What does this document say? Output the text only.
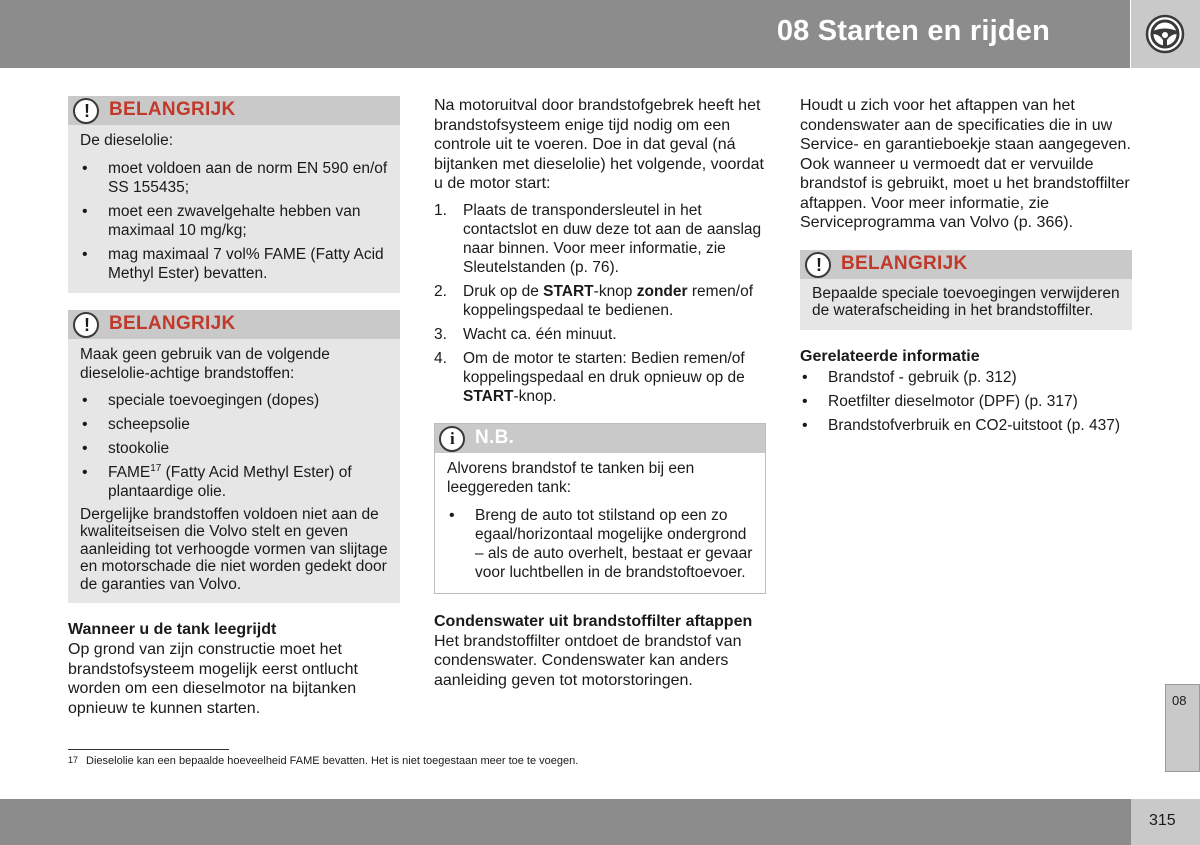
08 Starten en rijden
! BELANGRIJK

De dieselolie:

• moet voldoen aan de norm EN 590 en/of SS 155435;
• moet een zwavelgehalte hebben van maximaal 10 mg/kg;
• mag maximaal 7 vol% FAME (Fatty Acid Methyl Ester) bevatten.
! BELANGRIJK

Maak geen gebruik van de volgende dieselolie-achtige brandstoffen:

• speciale toevoegingen (dopes)
• scheepsolie
• stookolie
• FAME$^{17}$ (Fatty Acid Methyl Ester) of plantaardige olie.

Dergelijke brandstoffen voldoen niet aan de kwaliteitseisen die Volvo stelt en geven aanleiding tot verhoogde vormen van slijtage en motorschade die niet worden gedekt door de garanties van Volvo.

Wanneer u de tank leegrijdt

Op grond van zijn constructie moet het brandstofsysteem mogelijk eerst ontlucht worden om een dieselmotor na bijtanken opnieuw te kunnen starten.

Na motoruitval door brandstofgebrek heeft het brandstofsysteem enige tijd nodig om een controle uit te voeren. Doe in dat geval (ná bijtanken met dieselolie) het volgende, voordat u de motor start:

1. Plaats de transpondersleutel in het contactslot en duw deze tot aan de aanslag naar binnen. Voor meer informatie, zie Sleutelstanden (p. 76).
2. Druk op de START-knop zonder remen/of koppelingspedaal te bedienen.
3. Wacht ca. één minuut.
4. Om de motor te starten: Bedien remen/of koppelingspedaal en druk opnieuw op de START-knop.
i N.B.

Alvorens brandstof te tanken bij een leeggereden tank:

• Breng de auto tot stilstand op een zo egaal/horizontaal mogelijke ondergrond – als de auto overhelt, bestaat er gevaar voor luchtbellen in de brandstoftoevoer.
Condenswater uit brandstoffilter aftappen

Het brandstoffilter ontdoet de brandstof van condenswater. Condenswater kan anders aanleiding geven tot motorstoringen.

Houdt u zich voor het aftappen van het condenswater aan de specificaties die in uw Service- en garantieboekje staan aangegeven. Ook wanneer u vermoedt dat er vervuilde brandstof is gebruikt, moet u het brandstoffilter aftappen. Voor meer informatie, zie Serviceprogramma van Volvo (p. 366).

! BELANGRIJK

Bepaalde speciale toevoegingen verwijderen de waterafscheiding in het brandstoffilter.

Gerelateerde informatie
• Brandstof - gebruik (p. 312)
• Roetfilter dieselmotor (DPF) (p. 317)
• Brandstofverbruik en CO2-uitstoot (p. 437)
$^{17}$ Dieselolie kan een bepaalde hoeveelheid FAME bevatten. Het is niet toegestaan meer toe te voegen.
08
315
